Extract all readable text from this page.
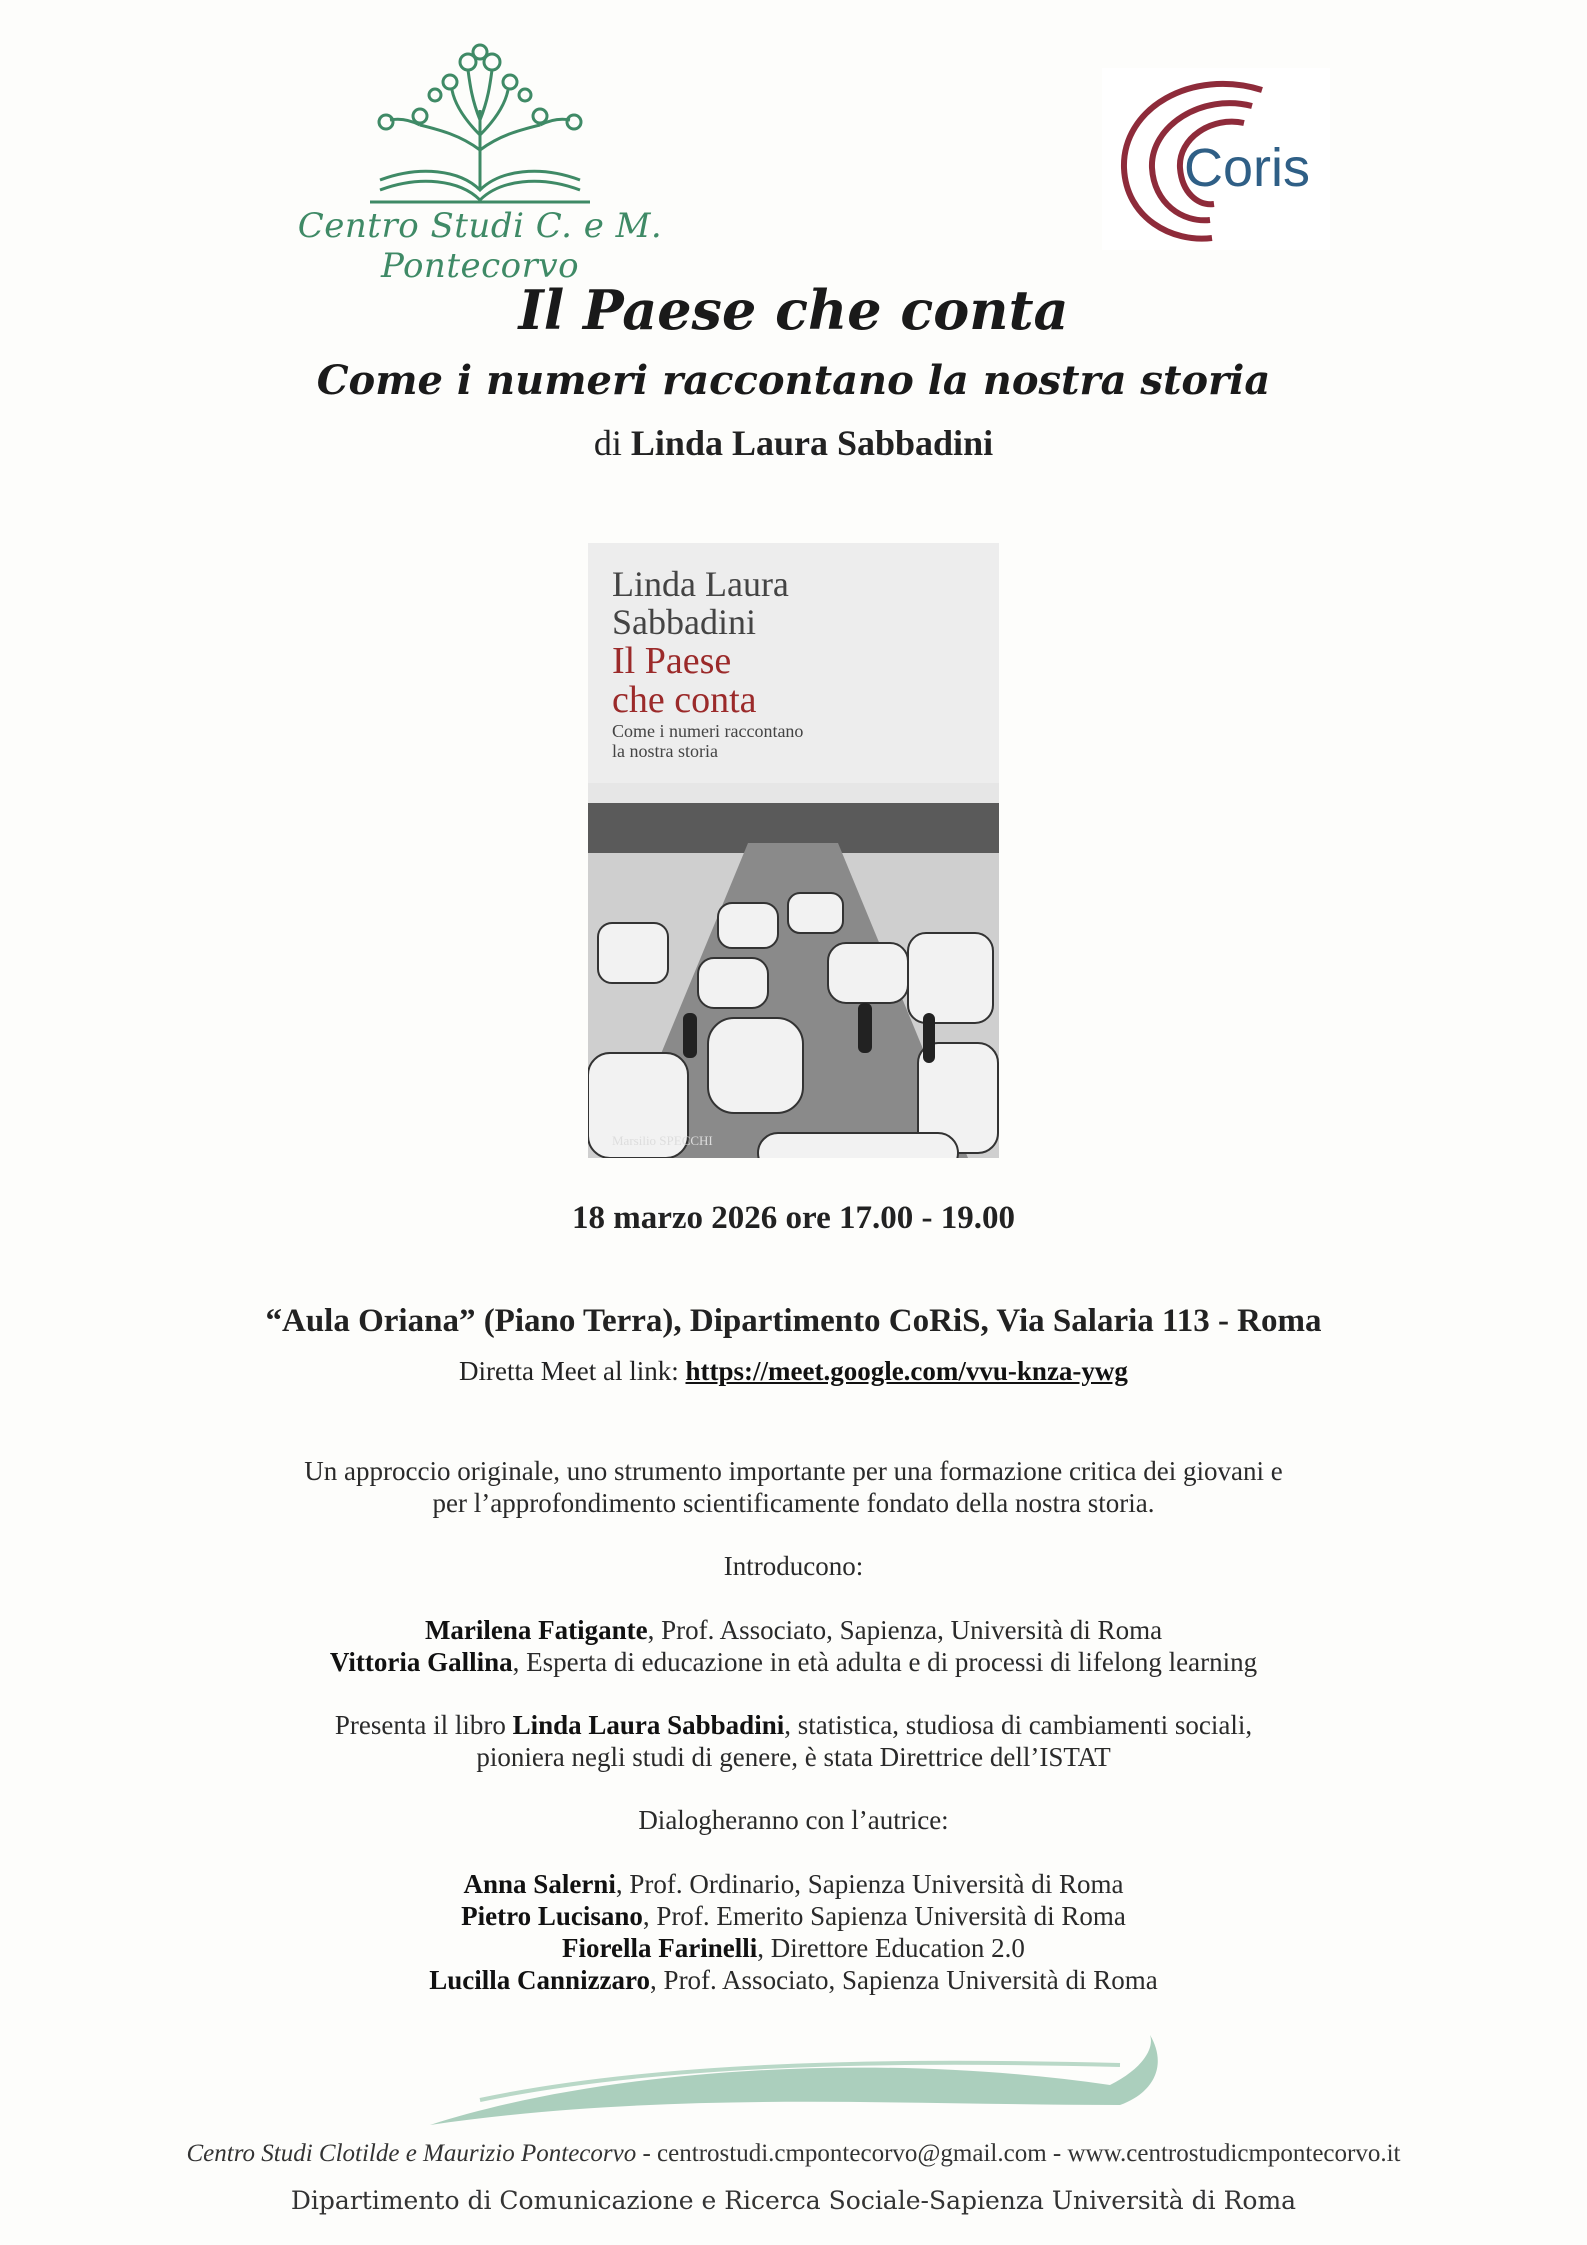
Centro Studi C. e M. Pontecorvo
Coris
Il Paese che conta
Come i numeri raccontano la nostra storia
di Linda Laura Sabbadini
Linda Laura
Sabbadini
Il Paese
che conta
Come i numeri raccontano
la nostra storia
Marsilio SPECCHI
18 marzo 2026 ore 17.00 - 19.00
“Aula Oriana” (Piano Terra), Dipartimento CoRiS, Via Salaria 113 - Roma
Diretta Meet al link: https://meet.google.com/vvu-knza-ywg
Un approccio originale, uno strumento importante per una formazione critica dei giovani e
per l’approfondimento scientificamente fondato della nostra storia.
Introducono:
Marilena Fatigante, Prof. Associato, Sapienza, Università di Roma
Vittoria Gallina, Esperta di educazione in età adulta e di processi di lifelong learning
Presenta il libro Linda Laura Sabbadini, statistica, studiosa di cambiamenti sociali,
pioniera negli studi di genere, è stata Direttrice dell’ISTAT
Dialogheranno con l’autrice:
Anna Salerni, Prof. Ordinario, Sapienza Università di Roma
Pietro Lucisano, Prof. Emerito Sapienza Università di Roma
Fiorella Farinelli, Direttore Education 2.0
Lucilla Cannizzaro, Prof. Associato, Sapienza Università di Roma
Centro Studi Clotilde e Maurizio Pontecorvo - centrostudi.cmpontecorvo@gmail.com - www.centrostudicmpontecorvo.it
Dipartimento di Comunicazione e Ricerca Sociale-Sapienza Università di Roma
